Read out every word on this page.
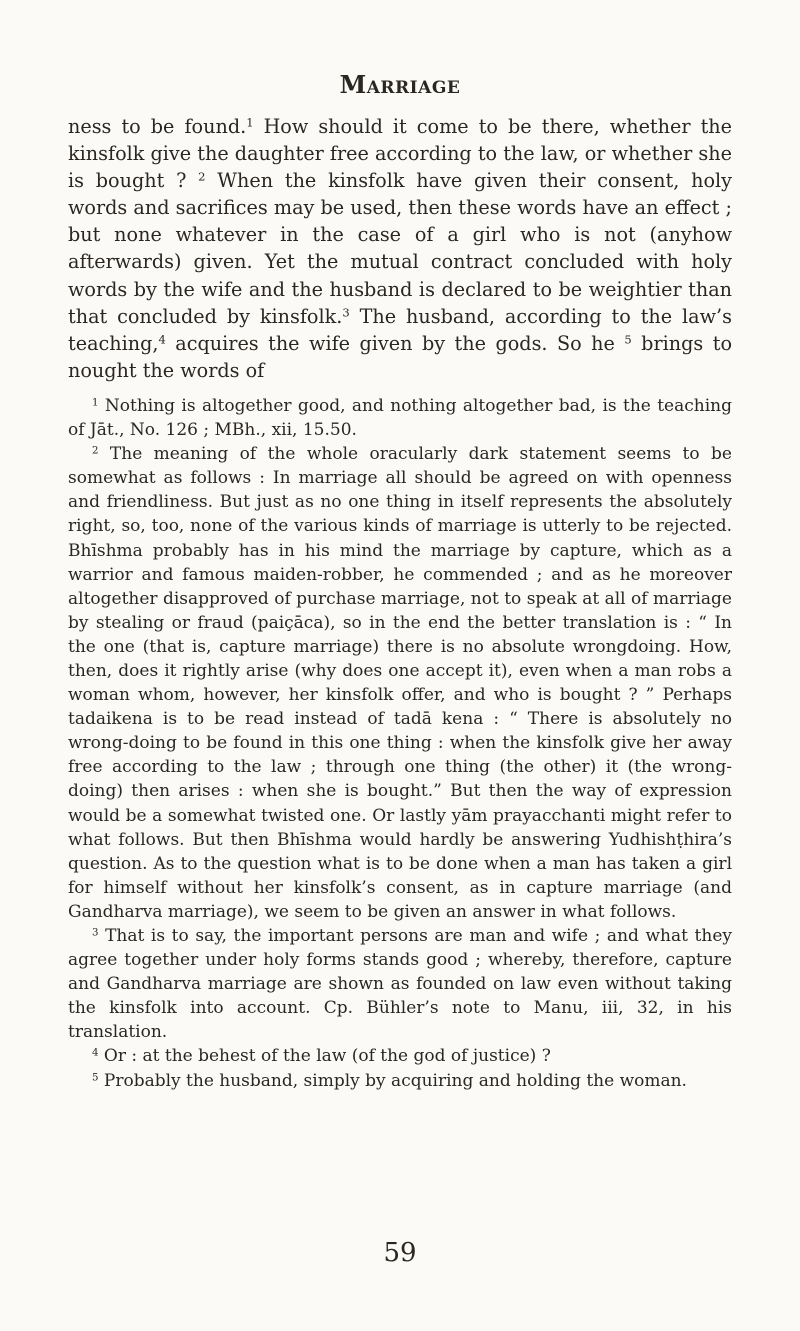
Marriage

ness to be found.$^1$ How should it come to be there, whether the kinsfolk give the daughter free according to the law, or whether she is bought ? $^2$ When the kinsfolk have given their consent, holy words and sacrifices may be used, then these words have an effect ; but none whatever in the case of a girl who is not (anyhow afterwards) given. Yet the mutual contract concluded with holy words by the wife and the husband is declared to be weightier than that concluded by kinsfolk.$^3$ The husband, according to the law’s teaching,$^4$ acquires the wife given by the gods. So he $^5$ brings to nought the words of

$^1$ Nothing is altogether good, and nothing altogether bad, is the teaching of Jāt., No. 126 ; MBh., xii, 15.50.

$^2$ The meaning of the whole oracularly dark statement seems to be somewhat as follows : In marriage all should be agreed on with openness and friendliness. But just as no one thing in itself represents the absolutely right, so, too, none of the various kinds of marriage is utterly to be rejected. Bhīshma probably has in his mind the marriage by capture, which as a warrior and famous maiden-robber, he commended ; and as he moreover altogether disapproved of purchase marriage, not to speak at all of marriage by stealing or fraud (paiçāca), so in the end the better translation is : “ In the one (that is, capture marriage) there is no absolute wrongdoing. How, then, does it rightly arise (why does one accept it), even when a man robs a woman whom, however, her kinsfolk offer, and who is bought ? ” Perhaps tadaikena is to be read instead of tadā kena : “ There is absolutely no wrong-doing to be found in this one thing : when the kinsfolk give her away free according to the law ; through one thing (the other) it (the wrong-doing) then arises : when she is bought.” But then the way of expression would be a somewhat twisted one. Or lastly yām prayacchanti might refer to what follows. But then Bhīshma would hardly be answering Yudhishṭhira’s question. As to the question what is to be done when a man has taken a girl for himself without her kinsfolk’s consent, as in capture marriage (and Gandharva marriage), we seem to be given an answer in what follows.

$^3$ That is to say, the important persons are man and wife ; and what they agree together under holy forms stands good ; whereby, therefore, capture and Gandharva marriage are shown as founded on law even without taking the kinsfolk into account. Cp. Bühler’s note to Manu, iii, 32, in his translation.

$^4$ Or : at the behest of the law (of the god of justice) ?

$^5$ Probably the husband, simply by acquiring and holding the woman.

59
